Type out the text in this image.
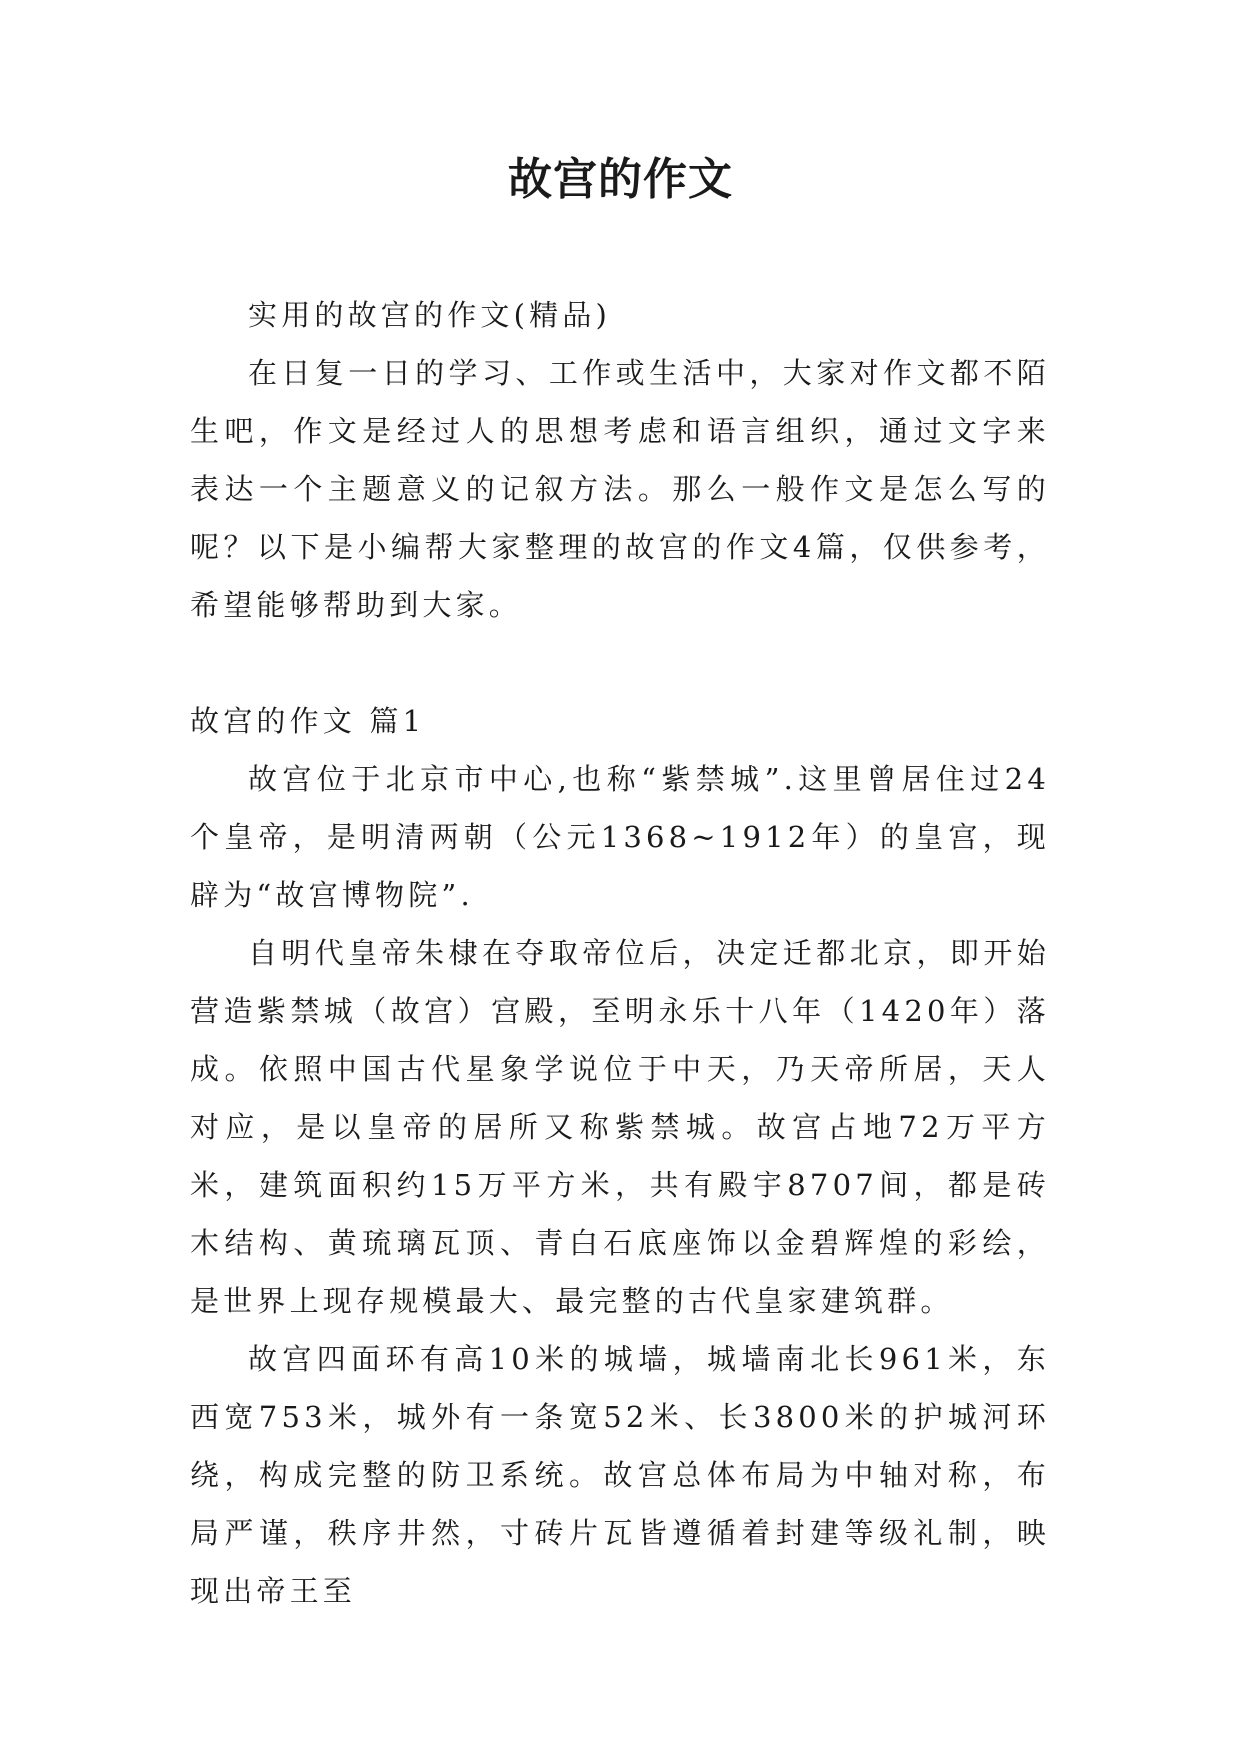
故宫的作文

实用的故宫的作文(精品)

在日复一日的学习、工作或生活中，大家对作文都不陌生吧，作文是经过人的思想考虑和语言组织，通过文字来表达一个主题意义的记叙方法。那么一般作文是怎么写的呢？以下是小编帮大家整理的故宫的作文4篇，仅供参考，希望能够帮助到大家。

故宫的作文 篇1

故宫位于北京市中心,也称“紫禁城”.这里曾居住过24个皇帝，是明清两朝（公元1368~1912年）的皇宫，现辟为“故宫博物院”.

自明代皇帝朱棣在夺取帝位后，决定迁都北京，即开始营造紫禁城（故宫）宫殿，至明永乐十八年（1420年）落成。依照中国古代星象学说位于中天，乃天帝所居，天人对应，是以皇帝的居所又称紫禁城。故宫占地72万平方米，建筑面积约15万平方米，共有殿宇8707间，都是砖木结构、黄琉璃瓦顶、青白石底座饰以金碧辉煌的彩绘，是世界上现存规模最大、最完整的古代皇家建筑群。

故宫四面环有高10米的城墙，城墙南北长961米，东西宽753米，城外有一条宽52米、长3800米的护城河环绕，构成完整的防卫系统。故宫总体布局为中轴对称，布局严谨，秩序井然，寸砖片瓦皆遵循着封建等级礼制，映现出帝王至
